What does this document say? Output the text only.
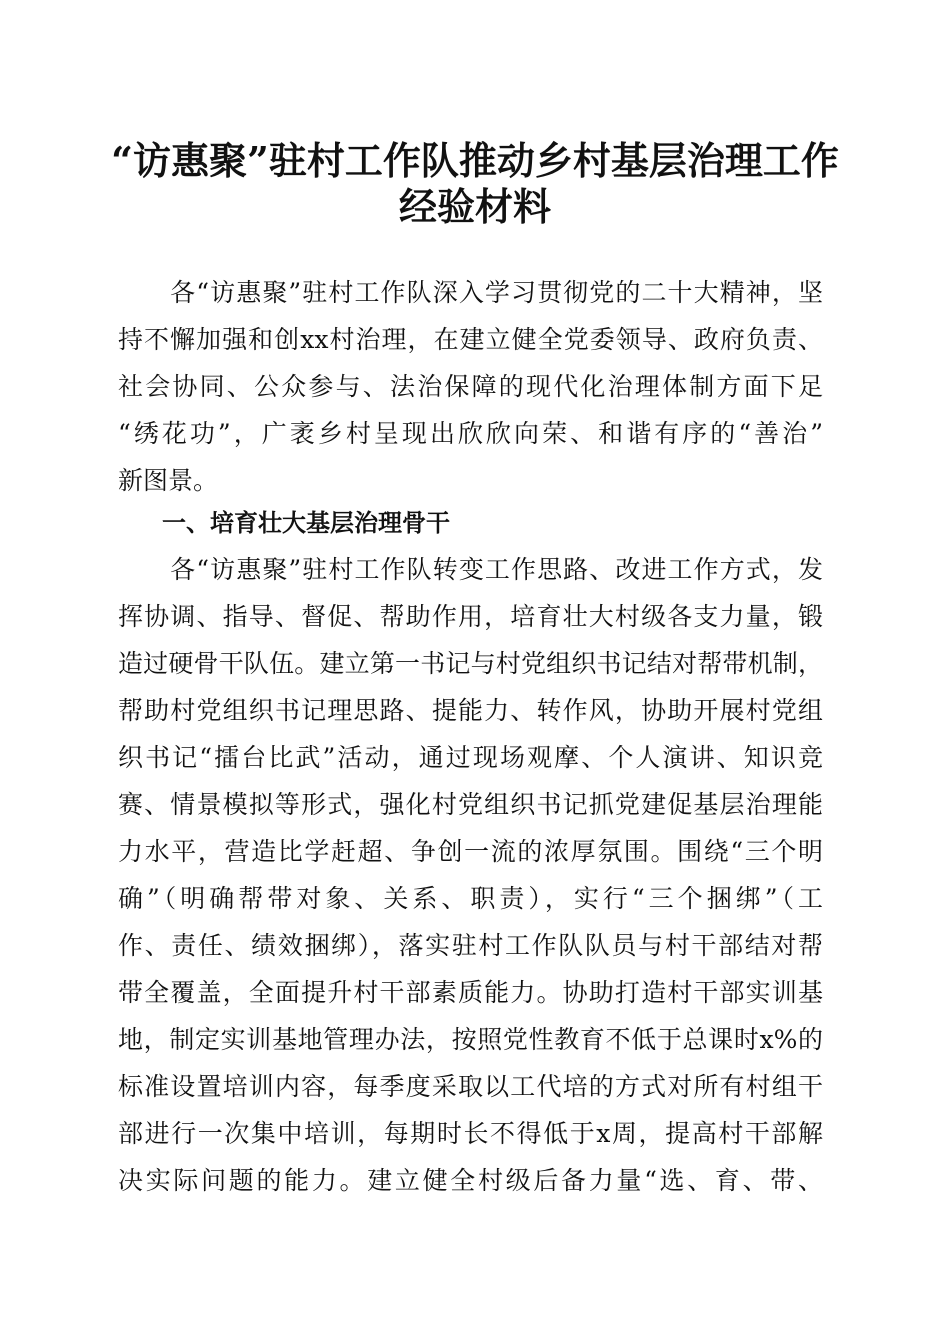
“访惠聚”驻村工作队推动乡村基层治理工作
经验材料
　　各“访惠聚”驻村工作队深入学习贯彻党的二十大精神，坚
持不懈加强和创xx村治理，在建立健全党委领导、政府负责、
社会协同、公众参与、法治保障的现代化治理体制方面下足
“绣花功”，广袤乡村呈现出欣欣向荣、和谐有序的“善治”
新图景。
一、培育壮大基层治理骨干
　　各“访惠聚”驻村工作队转变工作思路、改进工作方式，发
挥协调、指导、督促、帮助作用，培育壮大村级各支力量，锻
造过硬骨干队伍。建立第一书记与村党组织书记结对帮带机制，
帮助村党组织书记理思路、提能力、转作风，协助开展村党组
织书记“擂台比武”活动，通过现场观摩、个人演讲、知识竞
赛、情景模拟等形式，强化村党组织书记抓党建促基层治理能
力水平，营造比学赶超、争创一流的浓厚氛围。围绕“三个明
确”（明确帮带对象、关系、职责），实行“三个捆绑”（工
作、责任、绩效捆绑），落实驻村工作队队员与村干部结对帮
带全覆盖，全面提升村干部素质能力。协助打造村干部实训基
地，制定实训基地管理办法，按照党性教育不低于总课时x%的
标准设置培训内容，每季度采取以工代培的方式对所有村组干
部进行一次集中培训，每期时长不得低于x周，提高村干部解
决实际问题的能力。建立健全村级后备力量“选、育、带、
